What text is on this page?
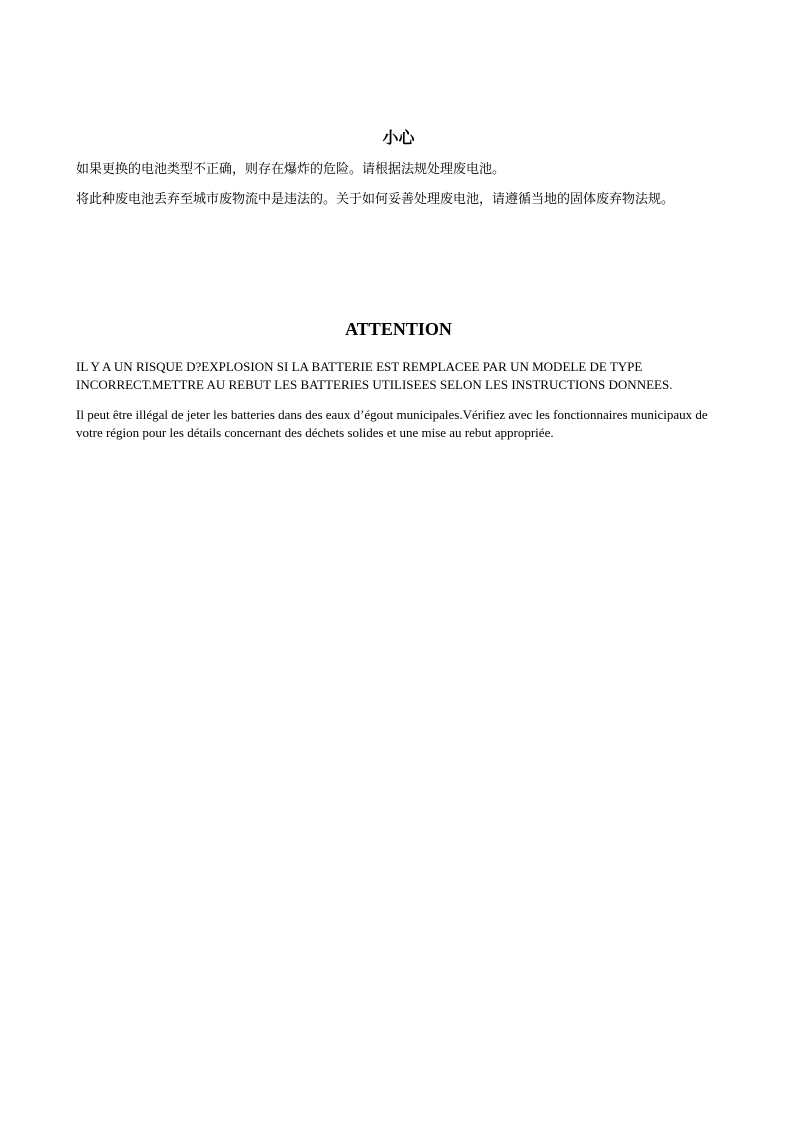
小心

如果更换的电池类型不正确，则存在爆炸的危险。请根据法规处理废电池。

将此种废电池丢弃至城市废物流中是违法的。关于如何妥善处理废电池，请遵循当地的固体废弃物法规。

ATTENTION

IL Y A UN RISQUE D?EXPLOSION SI LA BATTERIE EST REMPLACEE PAR UN MODELE DE TYPE INCORRECT.METTRE AU REBUT LES BATTERIES UTILISEES SELON LES INSTRUCTIONS DONNEES.

Il peut être illégal de jeter les batteries dans des eaux d’égout municipales.Vérifiez avec les fonctionnaires municipaux de votre région pour les détails concernant des déchets solides et une mise au rebut appropriée.
